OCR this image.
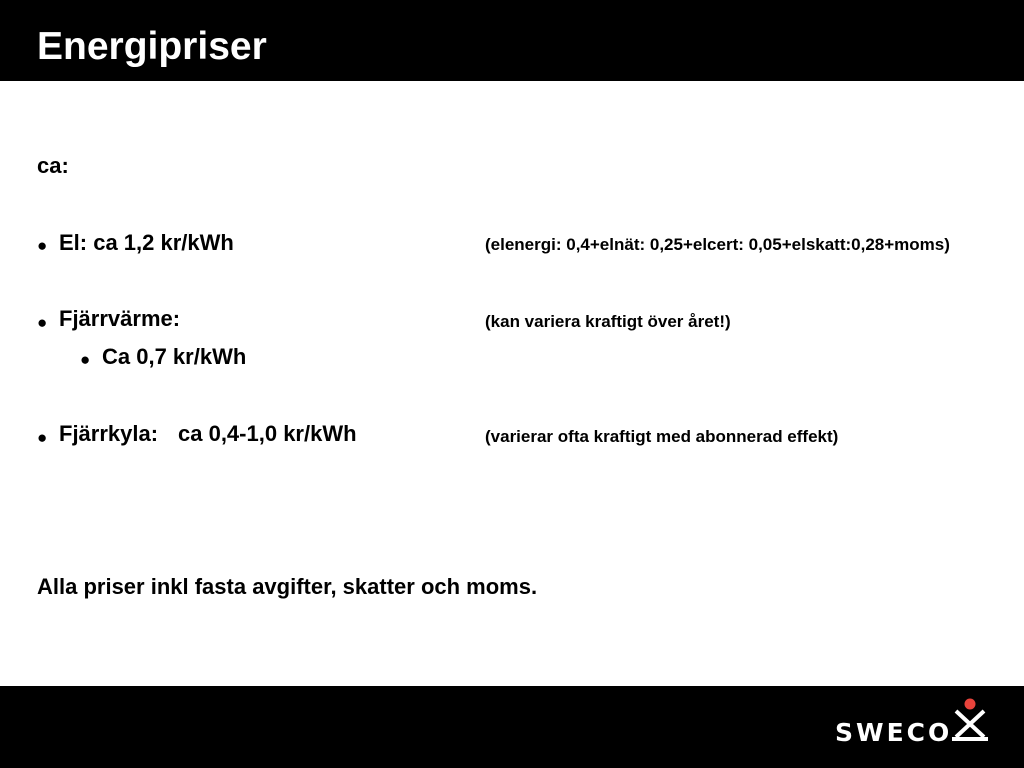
Energipriser
ca:
● El: ca 1,2 kr/kWh	(elenergi: 0,4+elnät: 0,25+elcert: 0,05+elskatt:0,28+moms)
● Fjärrvärme:	(kan variera kraftigt över året!)
● Ca 0,7 kr/kWh
● Fjärrkyla: ca 0,4-1,0 kr/kWh	(varierar ofta kraftigt med abonnerad effekt)
Alla priser inkl fasta avgifter, skatter och moms.
SWECO
